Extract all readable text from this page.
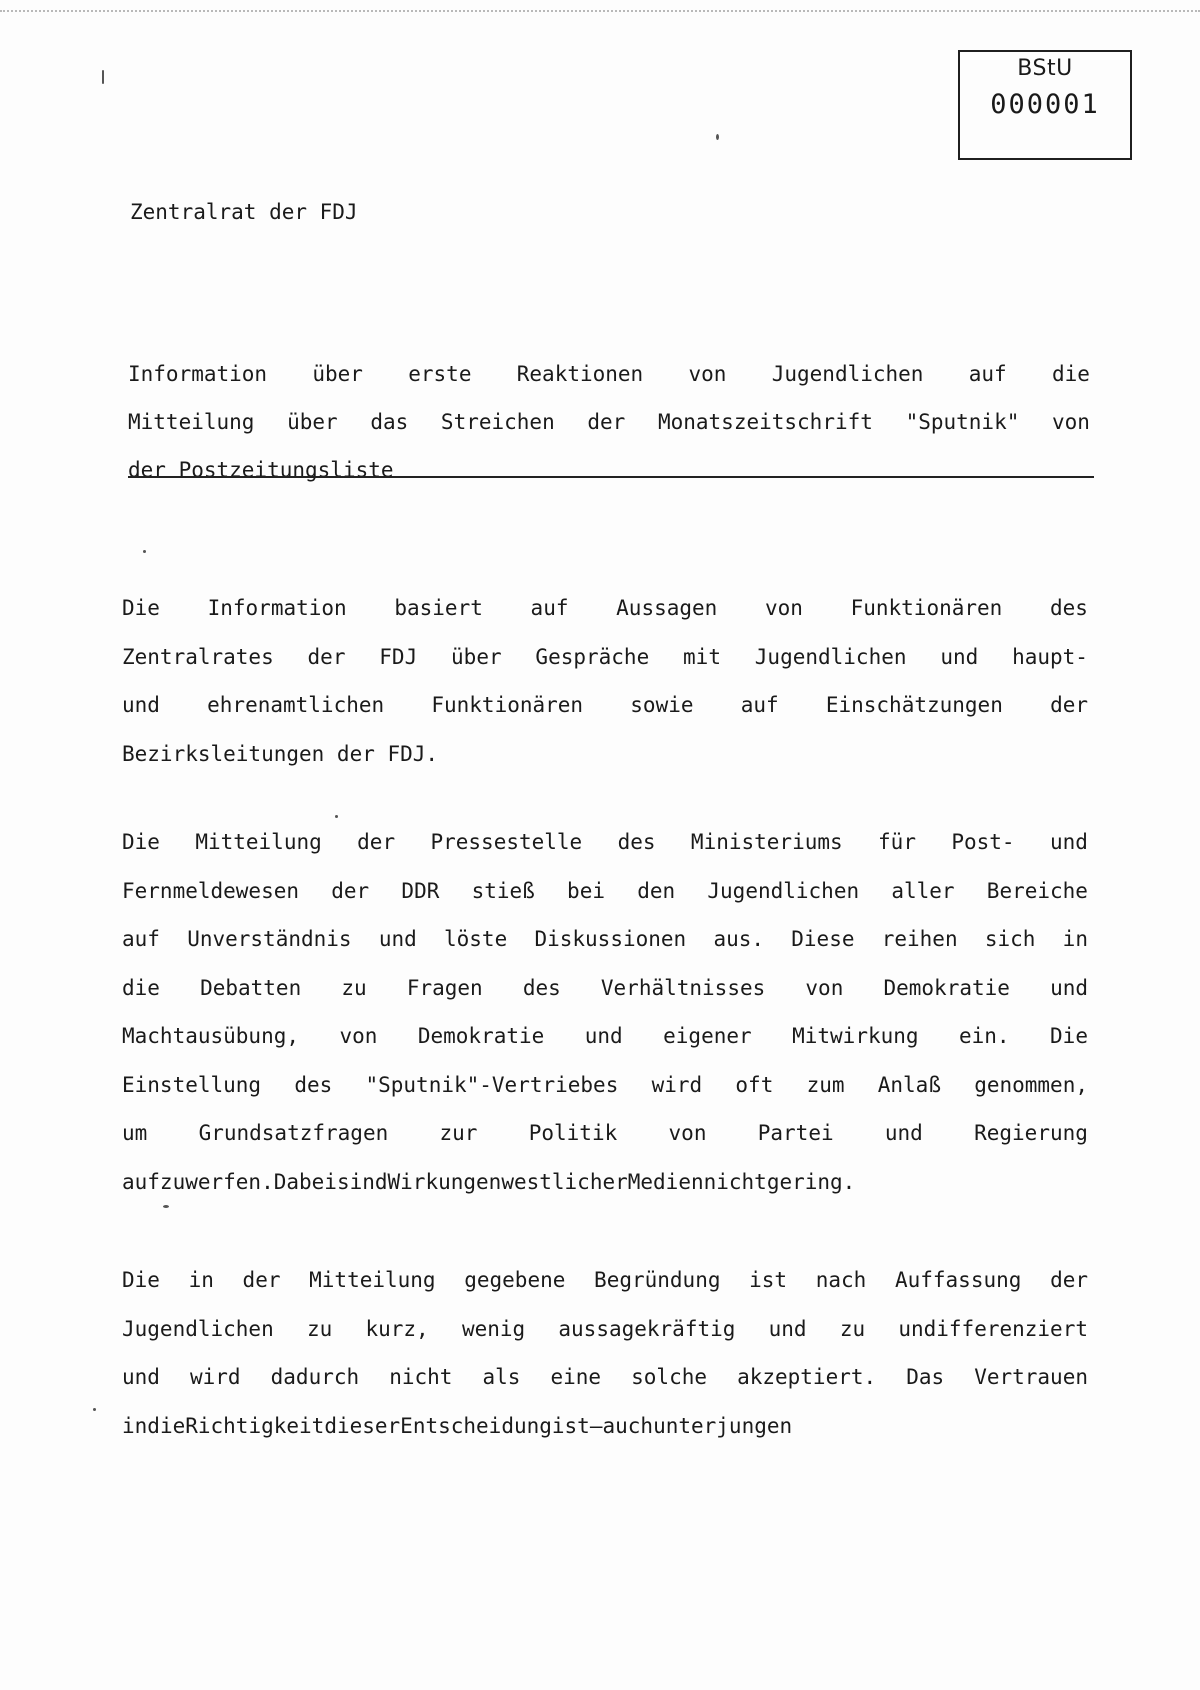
BStU
000001
Zentralrat der FDJ
Information über erste Reaktionen von Jugendlichen auf die
Mitteilung über das Streichen der Monatszeitschrift "Sputnik" von
der Postzeitungsliste
Die Information basiert auf Aussagen von Funktionären des
Zentralrates der FDJ über Gespräche mit Jugendlichen und haupt-
und ehrenamtlichen Funktionären sowie auf Einschätzungen der
Bezirksleitungen der FDJ.
Die Mitteilung der Pressestelle des Ministeriums für Post- und
Fernmeldewesen der DDR stieß bei den Jugendlichen aller Bereiche
auf Unverständnis und löste Diskussionen aus. Diese reihen sich in
die Debatten zu Fragen des Verhältnisses von Demokratie und
Machtausübung, von Demokratie und eigener Mitwirkung ein. Die
Einstellung des "Sputnik"-Vertriebes wird oft zum Anlaß genommen,
um Grundsatzfragen zur Politik von Partei und Regierung
aufzuwerfen. Dabei sind Wirkungen westlicher Medien nicht gering.
Die in der Mitteilung gegebene Begründung ist nach Auffassung der
Jugendlichen zu kurz, wenig aussagekräftig und zu undifferenziert
und wird dadurch nicht als eine solche akzeptiert. Das Vertrauen
in die Richtigkeit dieser Entscheidung ist – auch unter jungen
